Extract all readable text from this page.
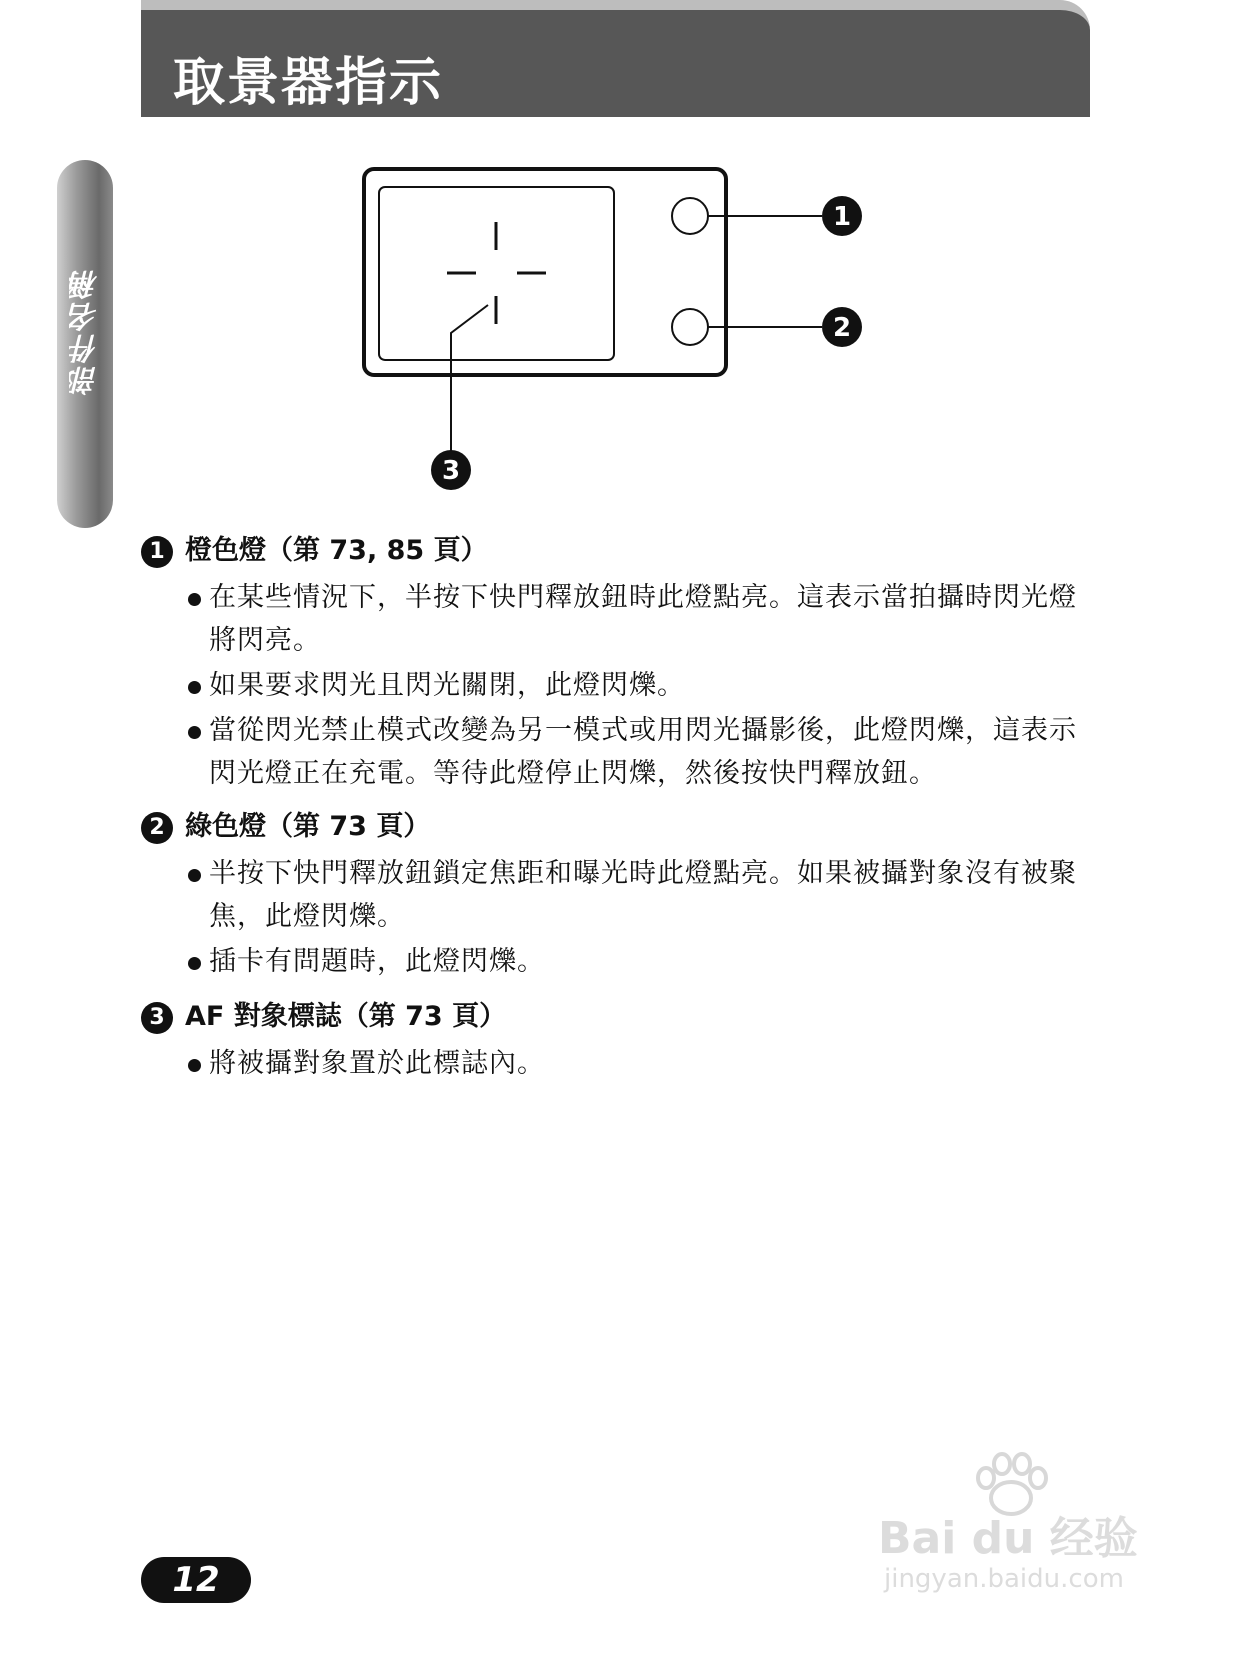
取景器指示
部件名稱
1
2
3
1 橙色燈（第 73, 85 頁）
在某些情況下，半按下快門釋放鈕時此燈點亮。這表示當拍攝時閃光燈將閃亮。
如果要求閃光且閃光關閉，此燈閃爍。
當從閃光禁止模式改變為另一模式或用閃光攝影後，此燈閃爍，這表示閃光燈正在充電。等待此燈停止閃爍，然後按快門釋放鈕。
2 綠色燈（第 73 頁）
半按下快門釋放鈕鎖定焦距和曝光時此燈點亮。如果被攝對象沒有被聚焦，此燈閃爍。
插卡有問題時，此燈閃爍。
3 AF 對象標誌（第 73 頁）
將被攝對象置於此標誌內。
Bai du 经验
jingyan.baidu.com
12
